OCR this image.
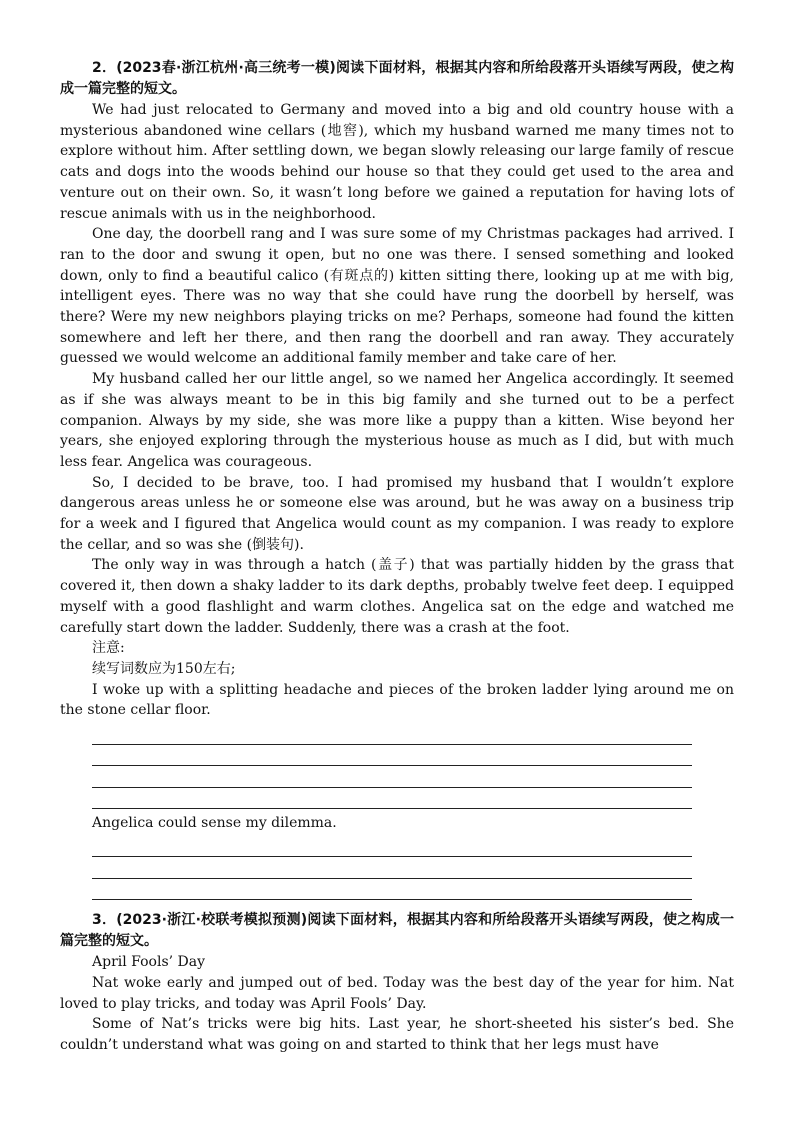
2．(2023春·浙江杭州·高三统考一模)阅读下面材料，根据其内容和所给段落开头语续写两段，使之构成一篇完整的短文。

We had just relocated to Germany and moved into a big and old country house with a mysterious abandoned wine cellars (地窖), which my husband warned me many times not to explore without him. After settling down, we began slowly releasing our large family of rescue cats and dogs into the woods behind our house so that they could get used to the area and venture out on their own. So, it wasn’t long before we gained a reputation for having lots of rescue animals with us in the neighborhood.

One day, the doorbell rang and I was sure some of my Christmas packages had arrived. I ran to the door and swung it open, but no one was there. I sensed something and looked down, only to find a beautiful calico (有斑点的) kitten sitting there, looking up at me with big, intelligent eyes. There was no way that she could have rung the doorbell by herself, was there? Were my new neighbors playing tricks on me? Perhaps, someone had found the kitten somewhere and left her there, and then rang the doorbell and ran away. They accurately guessed we would welcome an additional family member and take care of her.

My husband called her our little angel, so we named her Angelica accordingly. It seemed as if she was always meant to be in this big family and she turned out to be a perfect companion. Always by my side, she was more like a puppy than a kitten. Wise beyond her years, she enjoyed exploring through the mysterious house as much as I did, but with much less fear. Angelica was courageous.

So, I decided to be brave, too. I had promised my husband that I wouldn’t explore dangerous areas unless he or someone else was around, but he was away on a business trip for a week and I figured that Angelica would count as my companion. I was ready to explore the cellar, and so was she (倒装句).

The only way in was through a hatch (盖子) that was partially hidden by the grass that covered it, then down a shaky ladder to its dark depths, probably twelve feet deep. I equipped myself with a good flashlight and warm clothes. Angelica sat on the edge and watched me carefully start down the ladder. Suddenly, there was a crash at the foot.

注意:

续写词数应为150左右;

I woke up with a splitting headache and pieces of the broken ladder lying around me on the stone cellar floor.

Angelica could sense my dilemma.
3．(2023·浙江·校联考模拟预测)阅读下面材料，根据其内容和所给段落开头语续写两段，使之构成一篇完整的短文。

April Fools’ Day

Nat woke early and jumped out of bed. Today was the best day of the year for him. Nat loved to play tricks, and today was April Fools’ Day.

Some of Nat’s tricks were big hits. Last year, he short-sheeted his sister’s bed. She couldn’t understand what was going on and started to think that her legs must have
